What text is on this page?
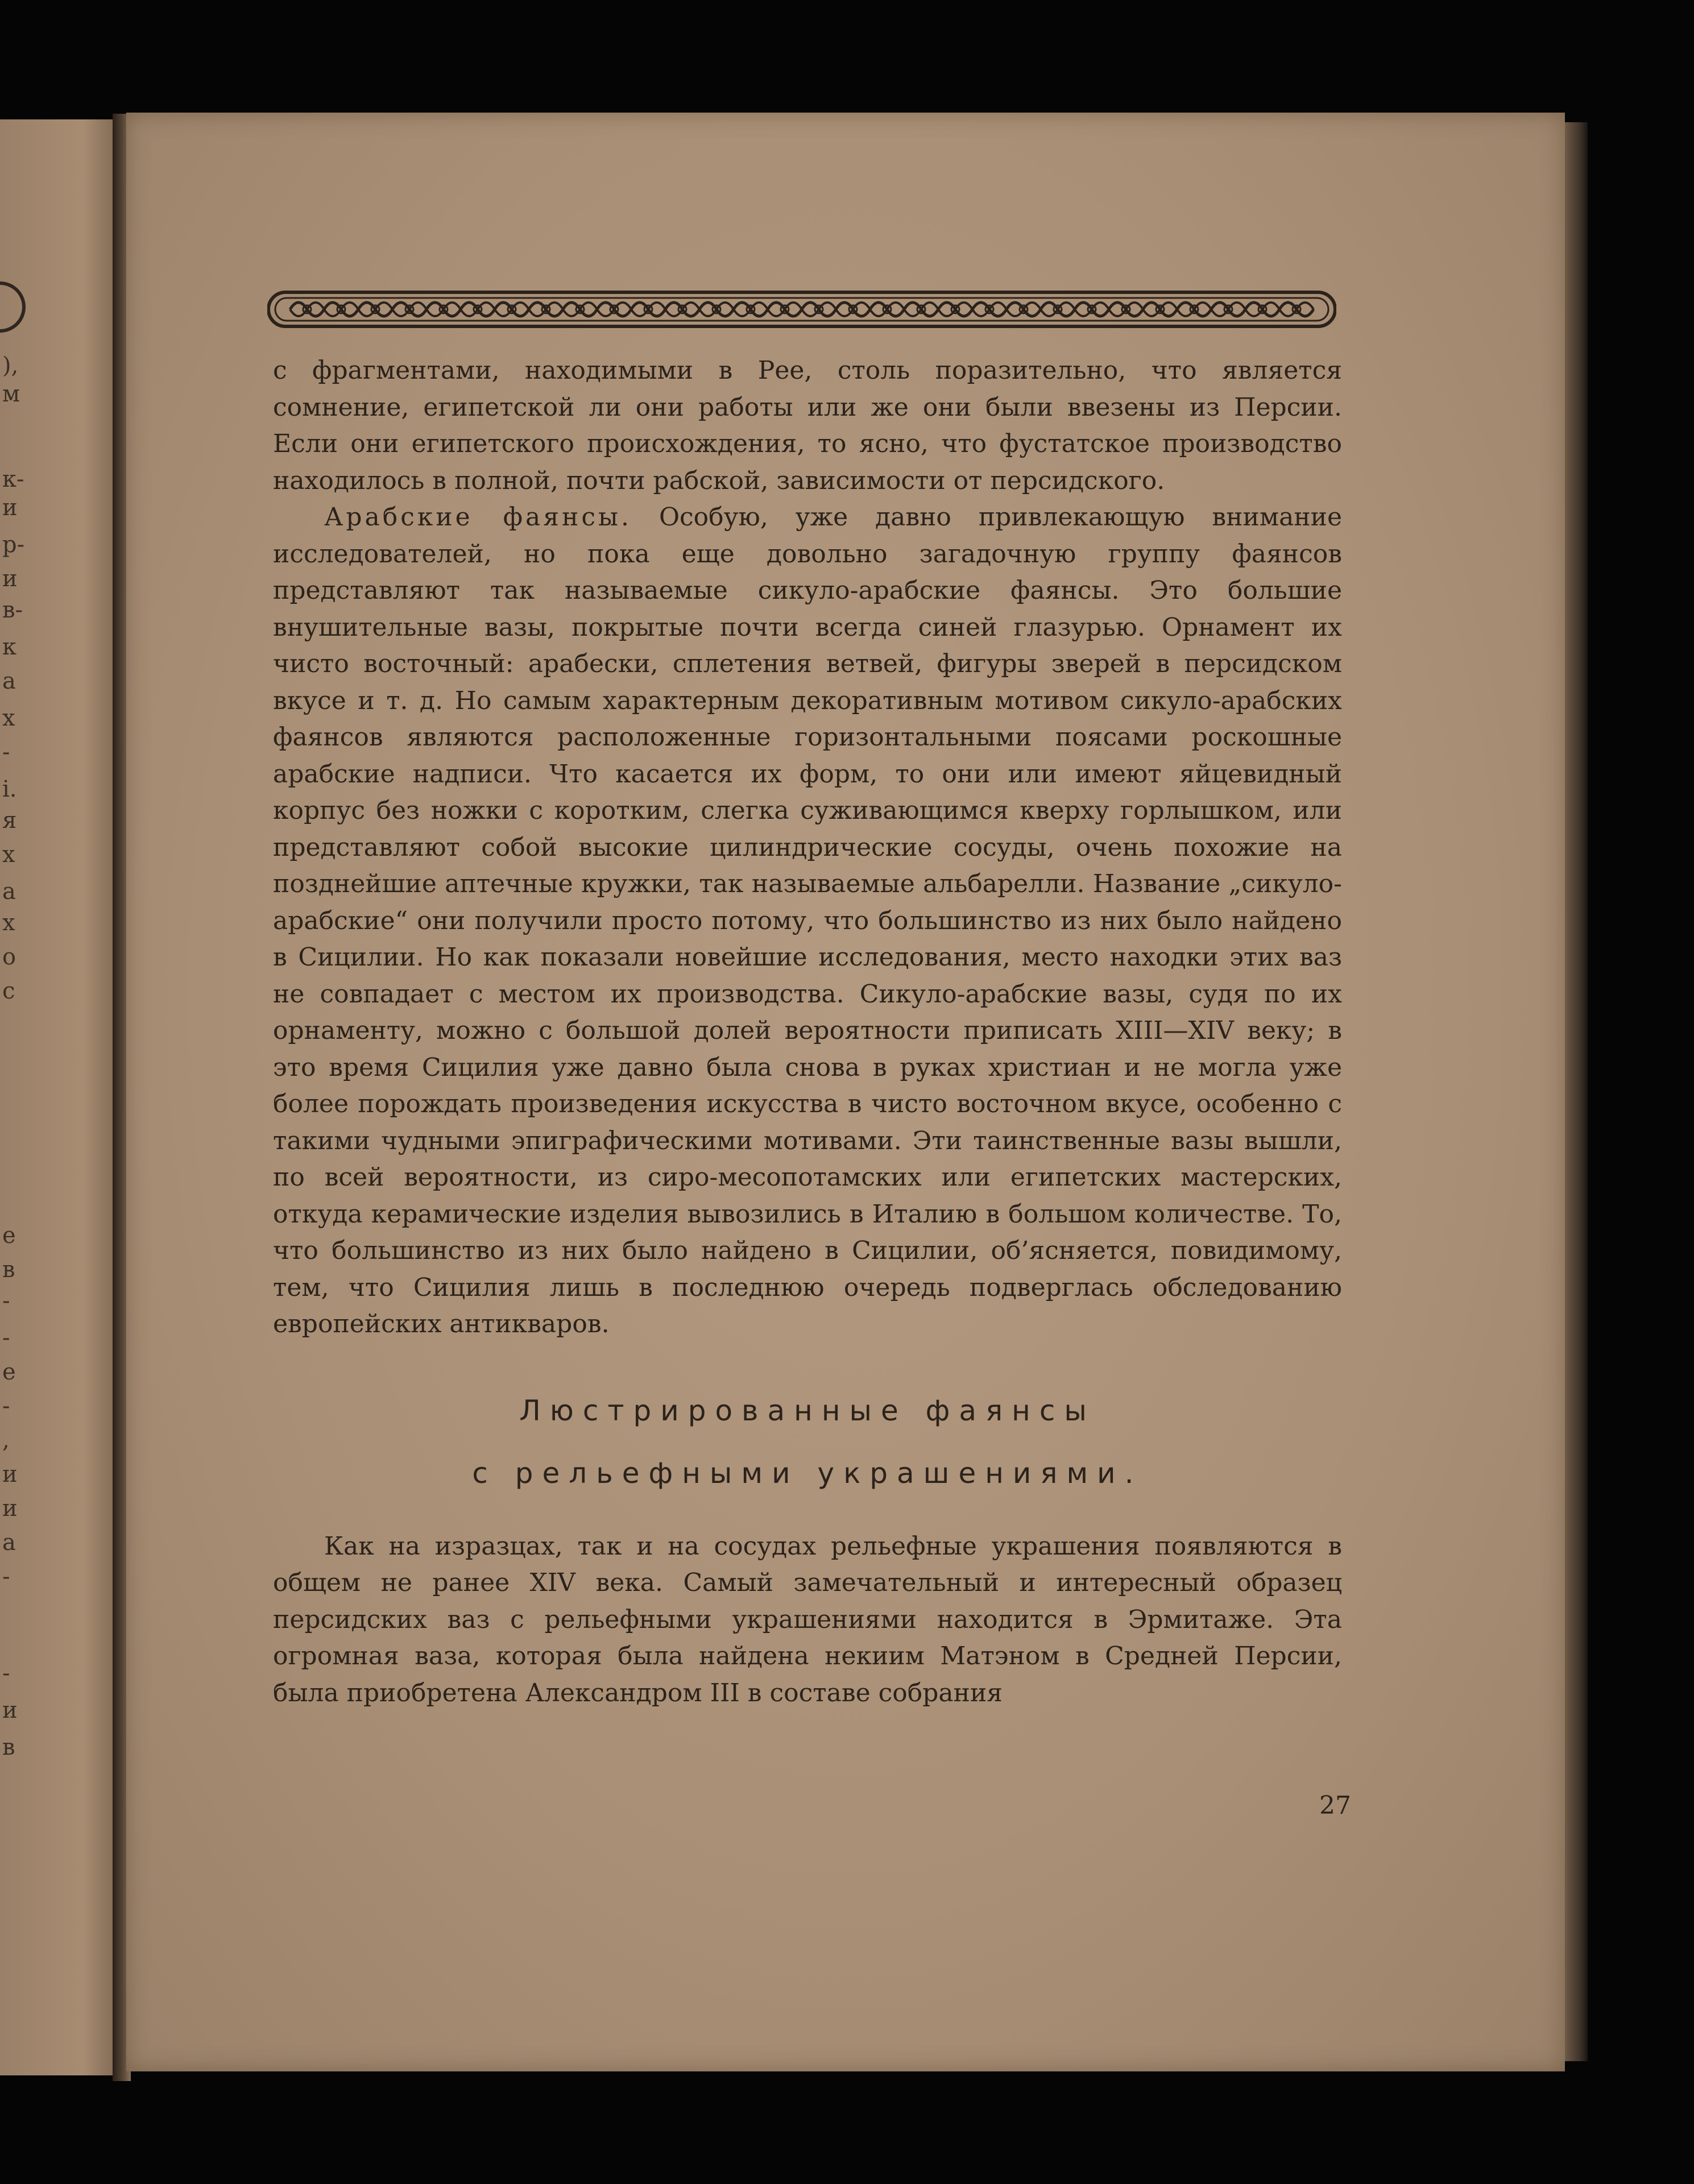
),
м
к-
и
р-
и
в-
к
а
х
-
і.
я
х
а
х
о
с
е
в
-
-
е
-
,
и
и
а
-
-
и
в

с фрагментами, находимыми в Рее, столь поразительно, что является сомнение, египетской ли они работы или же они были ввезены из Персии. Если они египетского происхождения, то ясно, что фустатское производство находилось в полной, почти рабской, зависимости от персидского.

Арабские фаянсы. Особую, уже давно привлекающую внимание исследователей, но пока еще довольно загадочную группу фаянсов представляют так называемые сикуло-арабские фаянсы. Это большие внушительные вазы, покрытые почти всегда синей глазурью. Орнамент их чисто восточный: арабески, сплетения ветвей, фигуры зверей в персидском вкусе и т. д. Но самым характерным декоративным мотивом сикуло-арабских фаянсов являются расположенные горизонтальными поясами роскошные арабские надписи. Что касается их форм, то они или имеют яйцевидный корпус без ножки с коротким, слегка суживающимся кверху горлышком, или представляют собой высокие цилиндрические сосуды, очень похожие на позднейшие аптечные кружки, так называемые альбарелли. Название „сикуло-арабские“ они получили просто потому, что большинство из них было найдено в Сицилии. Но как показали новейшие исследования, место находки этих ваз не совпадает с местом их производства. Сикуло-арабские вазы, судя по их орнаменту, можно с большой долей вероятности приписать XIII—XIV веку; в это время Сицилия уже давно была снова в руках христиан и не могла уже более порождать произведения искусства в чисто восточном вкусе, особенно с такими чудными эпиграфическими мотивами. Эти таинственные вазы вышли, по всей вероятности, из сиро-месопотамских или египетских мастерских, откуда керамические изделия вывозились в Италию в большом количестве. То, что большинство из них было найдено в Сицилии, об’ясняется, повидимому, тем, что Сицилия лишь в последнюю очередь подверглась обследованию европейских антикваров.

Люстрированные фаянсы

с рельефными украшениями.

Как на изразцах, так и на сосудах рельефные украшения появляются в общем не ранее XIV века. Самый замечательный и интересный образец персидских ваз с рельефными украшениями находится в Эрмитаже. Эта огромная ваза, которая была найдена некиим Матэном в Средней Персии, была приобретена Александром III в составе собрания

27
